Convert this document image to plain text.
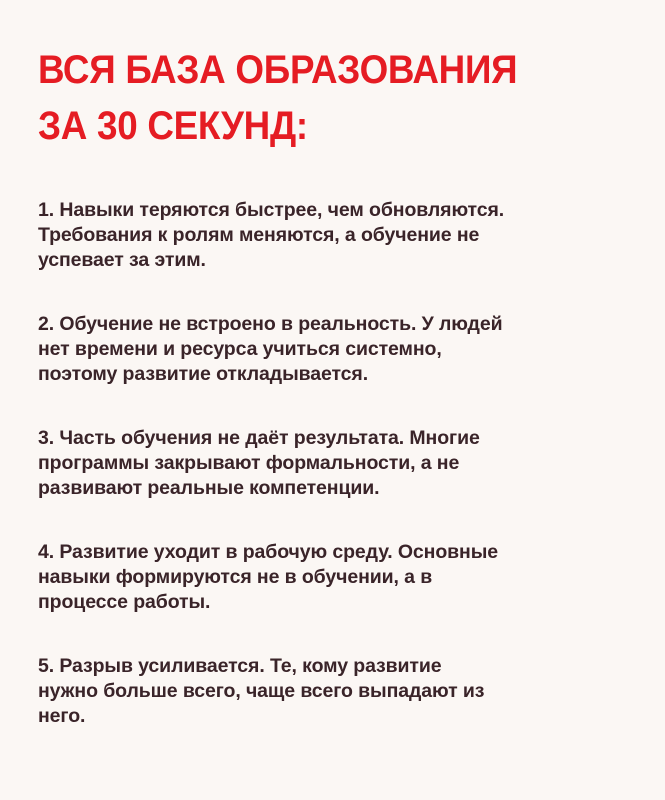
ВСЯ БАЗА ОБРАЗОВАНИЯ
ЗА 30 СЕКУНД:

1. Навыки теряются быстрее, чем обновляются.
Требования к ролям меняются, а обучение не
успевает за этим.

2. Обучение не встроено в реальность. У людей
нет времени и ресурса учиться системно,
поэтому развитие откладывается.

3. Часть обучения не даёт результата. Многие
программы закрывают формальности, а не
развивают реальные компетенции.

4. Развитие уходит в рабочую среду. Основные
навыки формируются не в обучении, а в
процессе работы.

5. Разрыв усиливается. Те, кому развитие
нужно больше всего, чаще всего выпадают из
него.
